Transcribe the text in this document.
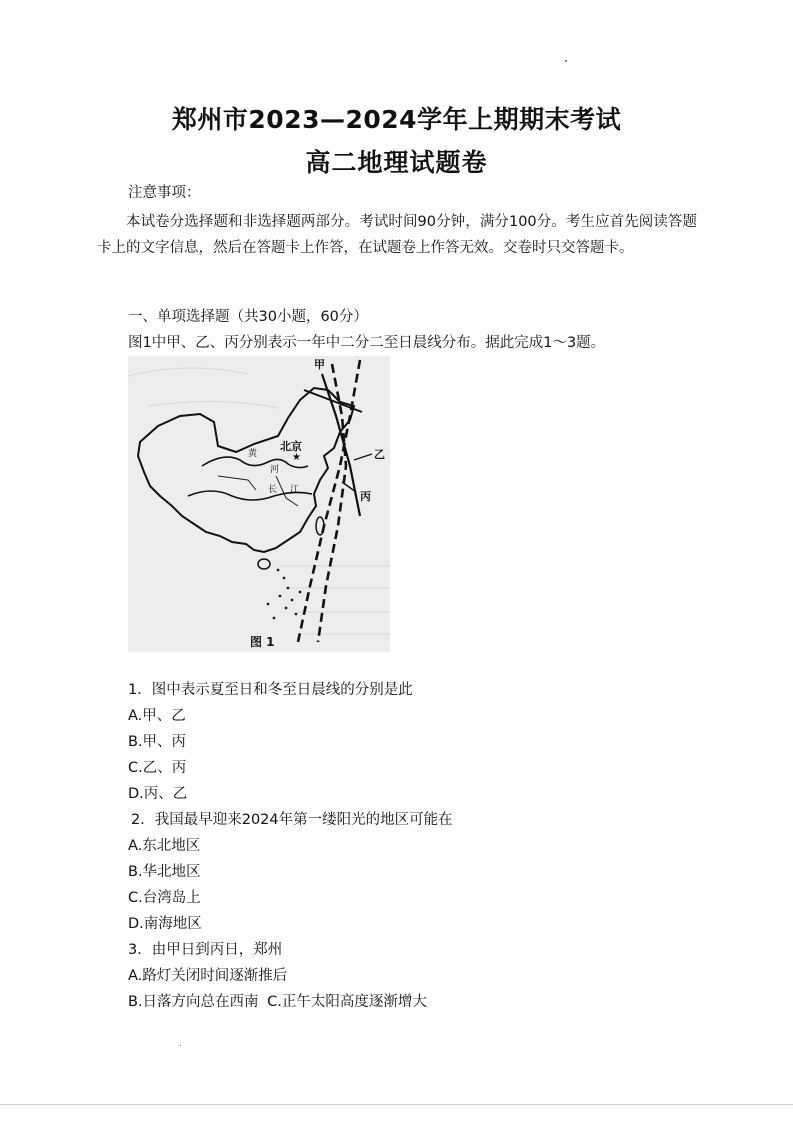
郑州市2023—2024学年上期期末考试
高二地理试题卷
注意事项：
本试卷分选择题和非选择题两部分。考试时间90分钟，满分100分。考生应首先阅读答题卡上的文字信息，然后在答题卡上作答，在试题卷上作答无效。交卷时只交答题卡。
一、单项选择题（共30小题，60分）
图1中甲、乙、丙分别表示一年中二分二至日晨线分布。据此完成1～3题。
★
甲
乙
丙
北京
黄
河
长 江
图 1
1．图中表示夏至日和冬至日晨线的分别是此
A.甲、乙
B.甲、丙
C.乙、丙
D.丙、乙
2．我国最早迎来2024年第一缕阳光的地区可能在
A.东北地区
B.华北地区
C.台湾岛上
D.南海地区
3．由甲日到丙日，郑州
A.路灯关闭时间逐渐推后
B.日落方向总在西南 C.正午太阳高度逐渐增大
